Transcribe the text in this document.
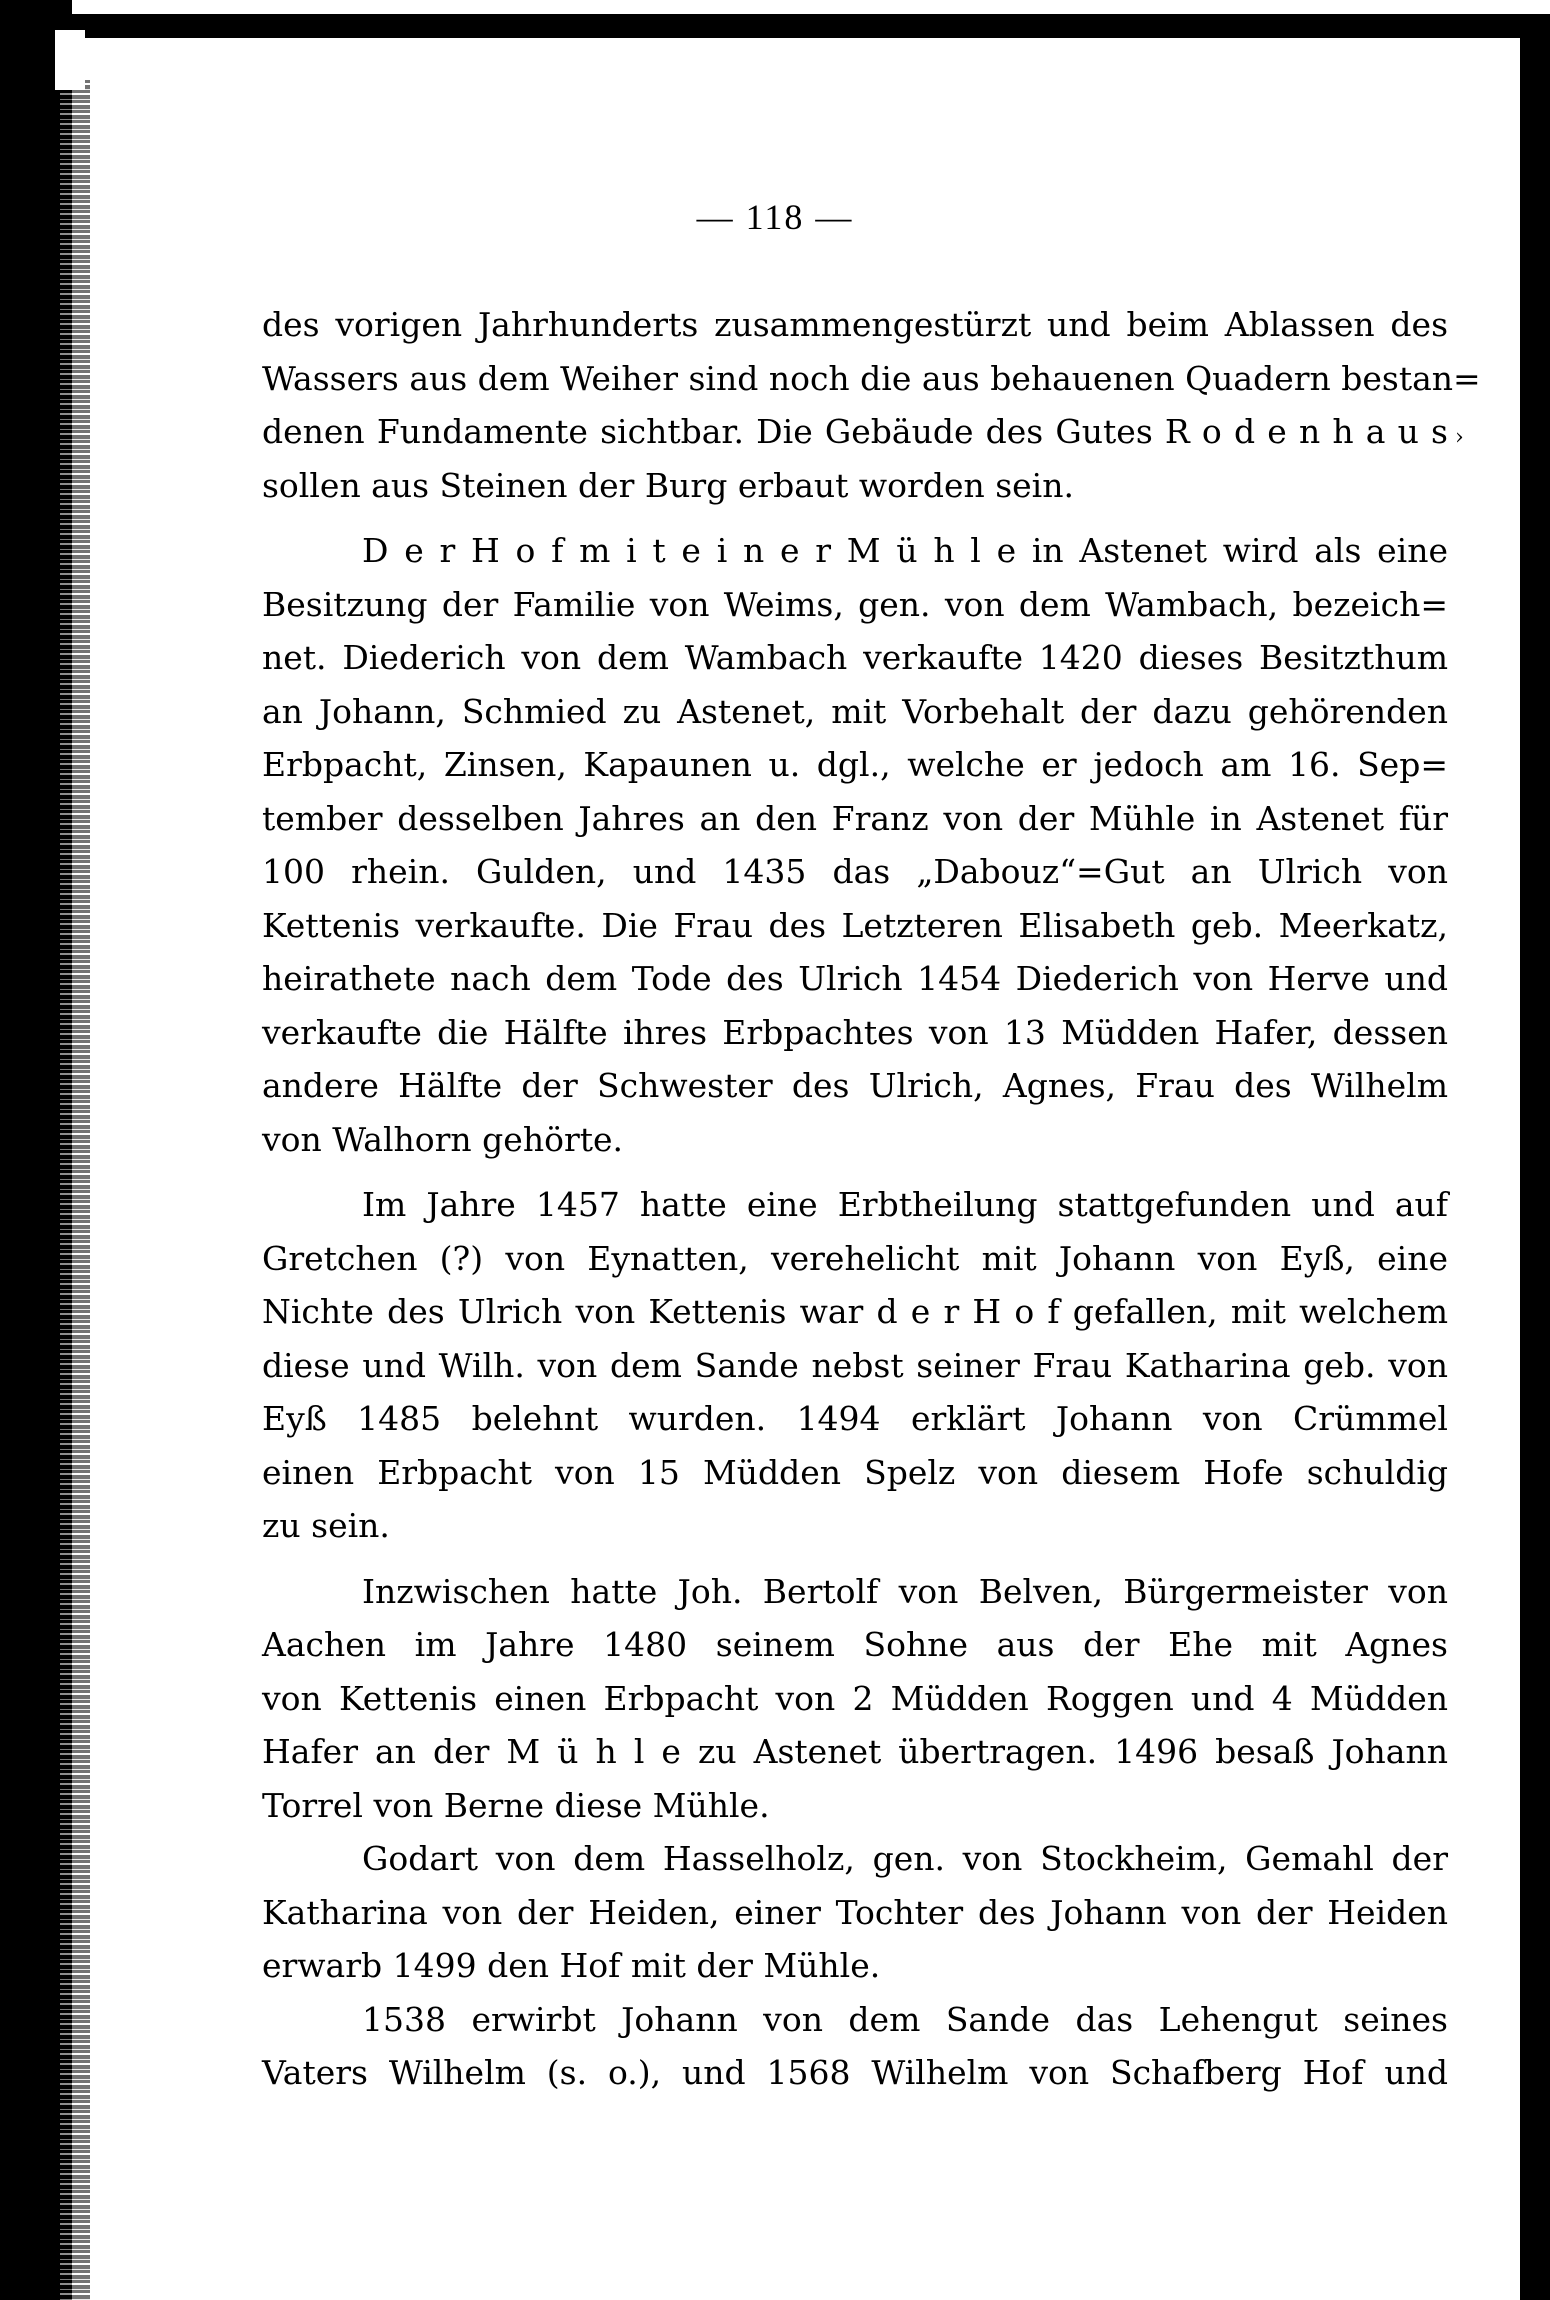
— 118 —
›
des vorigen Jahrhunderts zusammengestürzt und beim Ablassen des
Wassers aus dem Weiher sind noch die aus behauenen Quadern bestan=
denen Fundamente sichtbar. Die Gebäude des Gutes R o d e n h a u s
sollen aus Steinen der Burg erbaut worden sein.
D e r H o f m i t e i n e r M ü h l e in Astenet wird als eine
Besitzung der Familie von Weims, gen. von dem Wambach, bezeich=
net. Diederich von dem Wambach verkaufte 1420 dieses Besitzthum
an Johann, Schmied zu Astenet, mit Vorbehalt der dazu gehörenden
Erbpacht, Zinsen, Kapaunen u. dgl., welche er jedoch am 16. Sep=
tember desselben Jahres an den Franz von der Mühle in Astenet für
100 rhein. Gulden, und 1435 das „Dabouz“=Gut an Ulrich von
Kettenis verkaufte. Die Frau des Letzteren Elisabeth geb. Meerkatz,
heirathete nach dem Tode des Ulrich 1454 Diederich von Herve und
verkaufte die Hälfte ihres Erbpachtes von 13 Müdden Hafer, dessen
andere Hälfte der Schwester des Ulrich, Agnes, Frau des Wilhelm
von Walhorn gehörte.
Im Jahre 1457 hatte eine Erbtheilung stattgefunden und auf
Gretchen (?) von Eynatten, verehelicht mit Johann von Eyß, eine
Nichte des Ulrich von Kettenis war d e r H o f gefallen, mit welchem
diese und Wilh. von dem Sande nebst seiner Frau Katharina geb. von
Eyß 1485 belehnt wurden. 1494 erklärt Johann von Crümmel
einen Erbpacht von 15 Müdden Spelz von diesem Hofe schuldig
zu sein.
Inzwischen hatte Joh. Bertolf von Belven, Bürgermeister von
Aachen im Jahre 1480 seinem Sohne aus der Ehe mit Agnes
von Kettenis einen Erbpacht von 2 Müdden Roggen und 4 Müdden
Hafer an der M ü h l e zu Astenet übertragen. 1496 besaß Johann
Torrel von Berne diese Mühle.
Godart von dem Hasselholz, gen. von Stockheim, Gemahl der
Katharina von der Heiden, einer Tochter des Johann von der Heiden
erwarb 1499 den Hof mit der Mühle.
1538 erwirbt Johann von dem Sande das Lehengut seines
Vaters Wilhelm (s. o.), und 1568 Wilhelm von Schafberg Hof und
